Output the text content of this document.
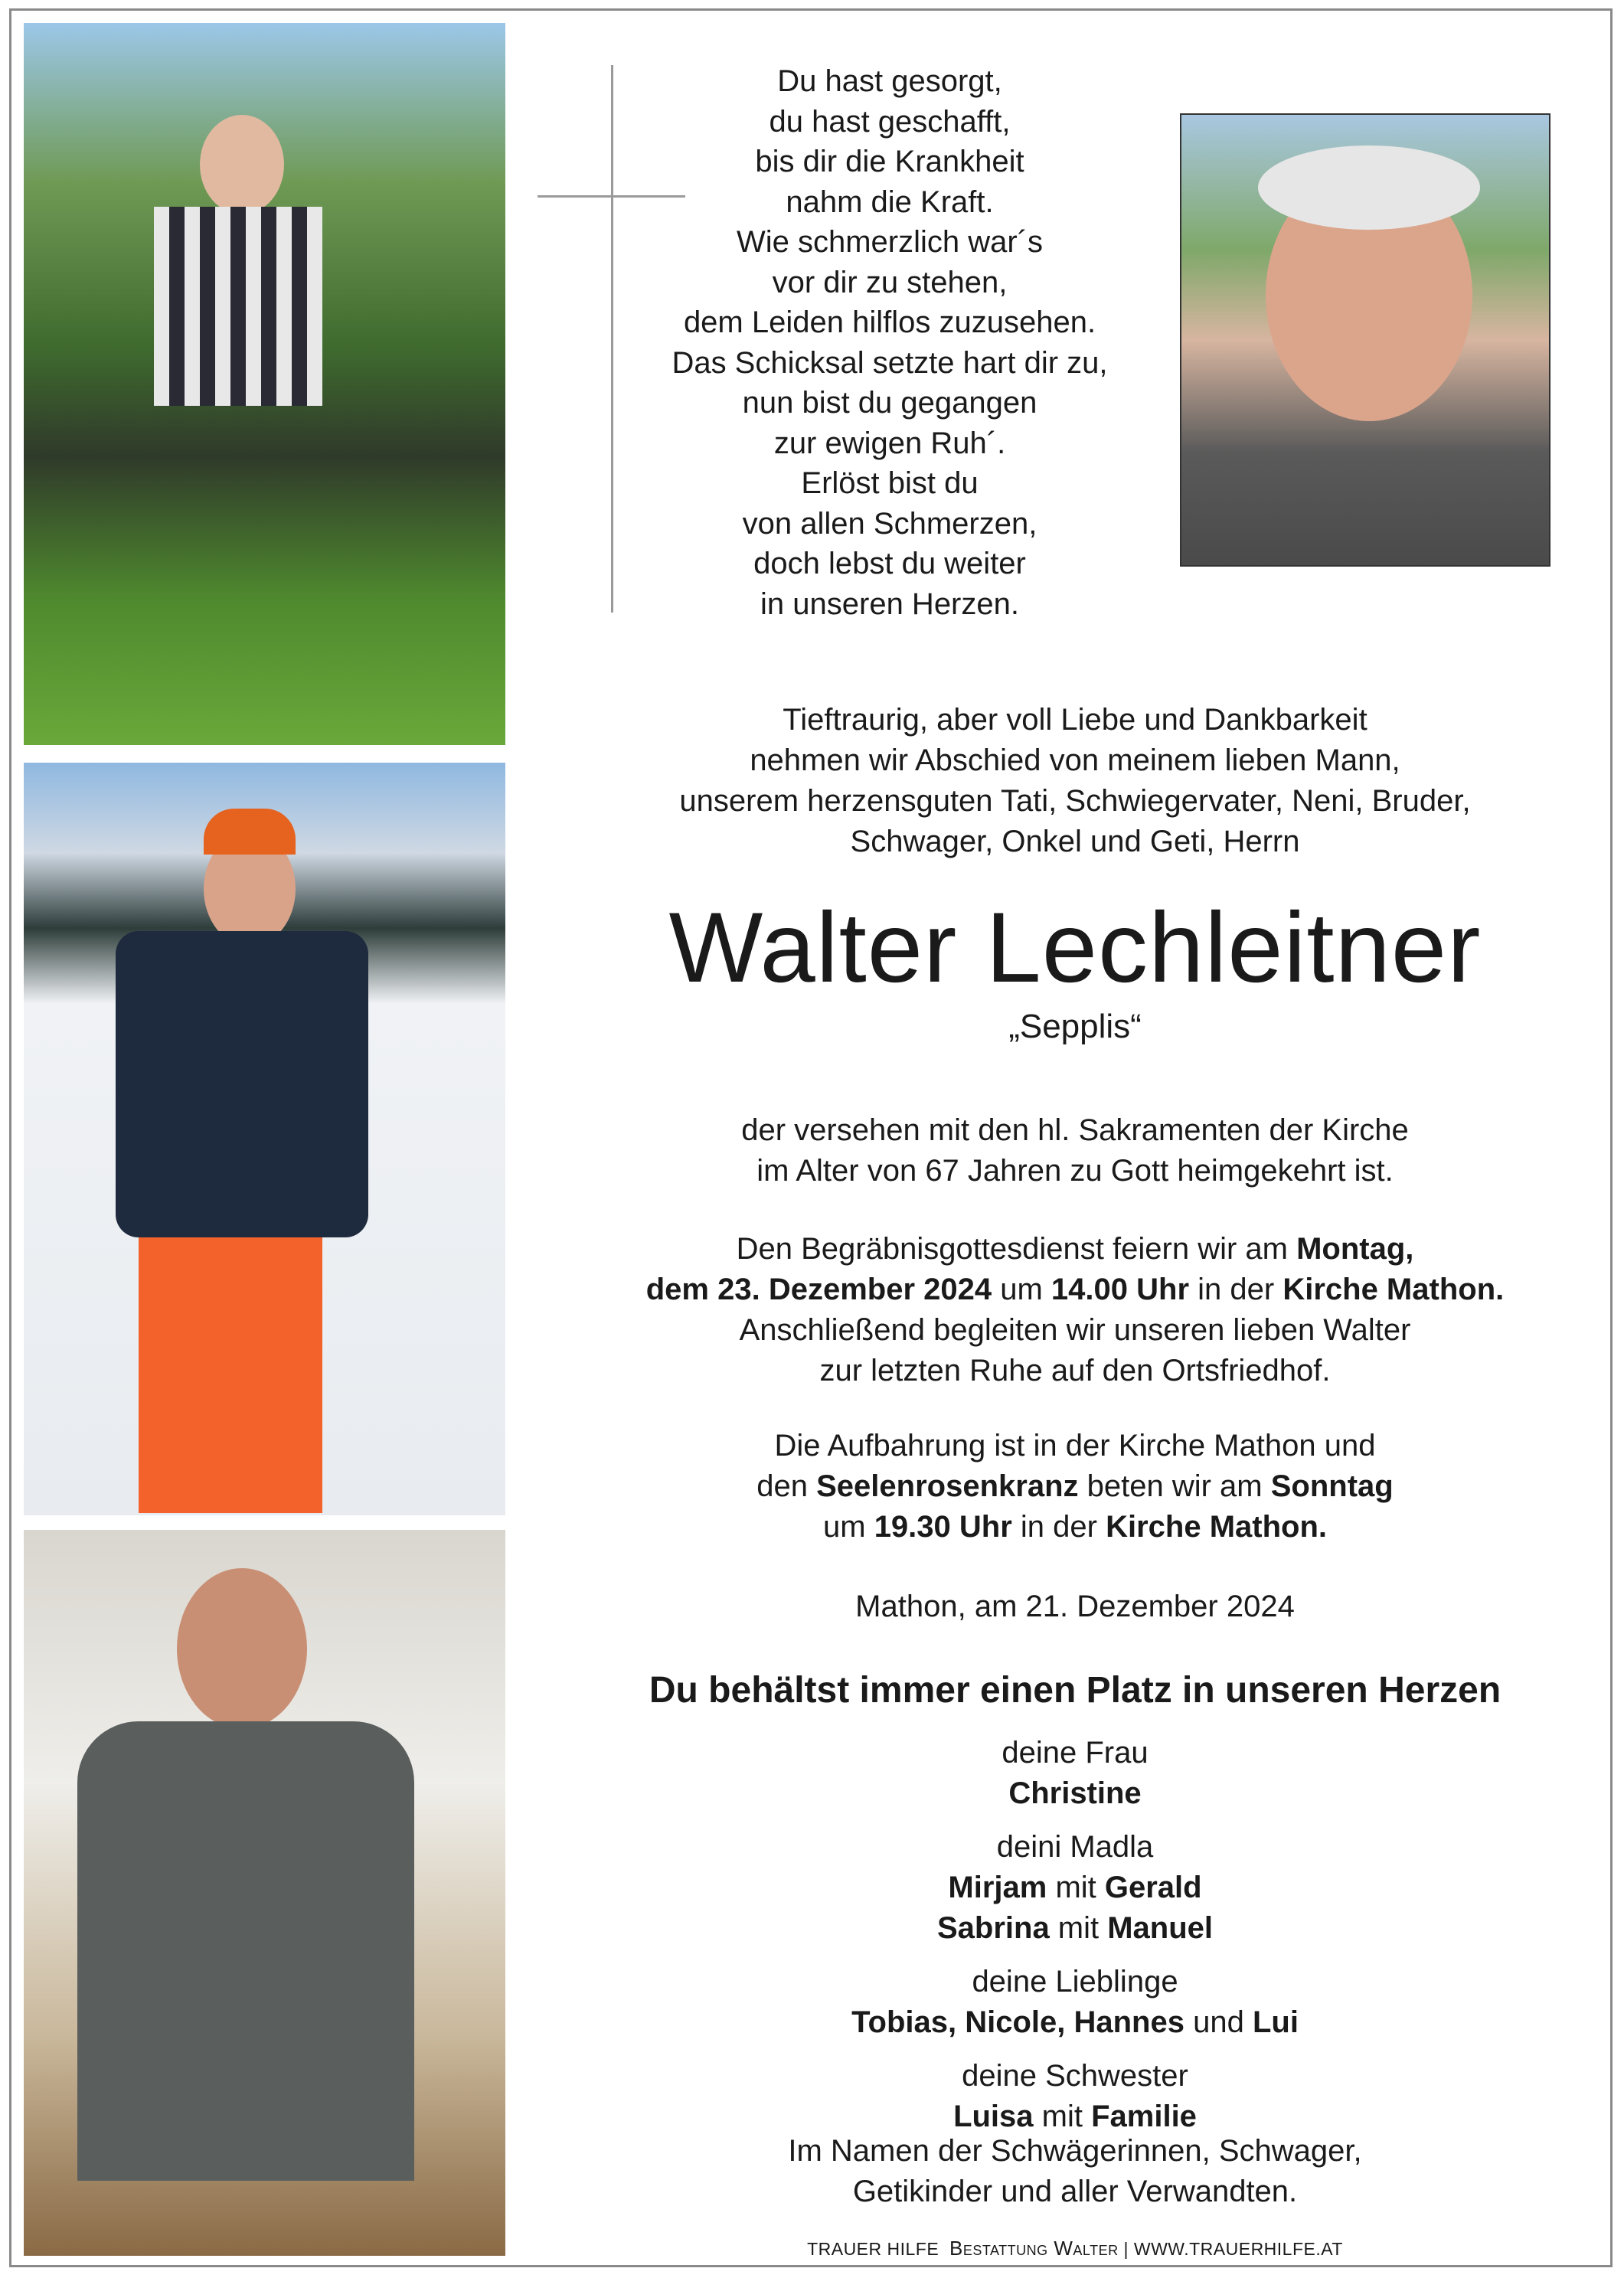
Du hast gesorgt,
du hast geschafft,
bis dir die Krankheit
nahm die Kraft.
Wie schmerzlich war´s
vor dir zu stehen,
dem Leiden hilflos zuzusehen.
Das Schicksal setzte hart dir zu,
nun bist du gegangen
zur ewigen Ruh´.
Erlöst bist du
von allen Schmerzen,
doch lebst du weiter
in unseren Herzen.
Tieftraurig, aber voll Liebe und Dankbarkeit
nehmen wir Abschied von meinem lieben Mann,
unserem herzensguten Tati, Schwiegervater, Neni, Bruder,
Schwager, Onkel und Geti, Herrn
Walter Lechleitner
„Sepplis“
der versehen mit den hl. Sakramenten der Kirche
im Alter von 67 Jahren zu Gott heimgekehrt ist.
Den Begräbnisgottesdienst feiern wir am Montag,
dem 23. Dezember 2024 um 14.00 Uhr in der Kirche Mathon.
Anschließend begleiten wir unseren lieben Walter
zur letzten Ruhe auf den Ortsfriedhof.
Die Aufbahrung ist in der Kirche Mathon und
den Seelenrosenkranz beten wir am Sonntag
um 19.30 Uhr in der Kirche Mathon.
Mathon, am 21. Dezember 2024
Du behältst immer einen Platz in unseren Herzen
deine Frau
Christine
deini Madla
Mirjam mit Gerald
Sabrina mit Manuel
deine Lieblinge
Tobias, Nicole, Hannes und Lui
deine Schwester
Luisa mit Familie
Im Namen der Schwägerinnen, Schwager,
Getikinder und aller Verwandten.
TRAUER HILFE Bestattung Walter | WWW.TRAUERHILFE.AT
